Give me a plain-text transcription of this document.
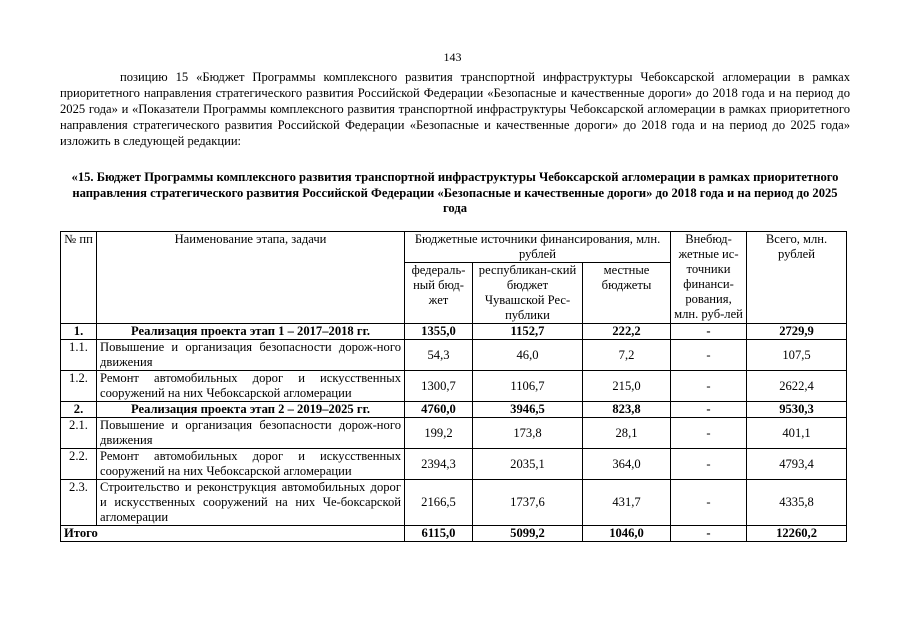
143
позицию 15 «Бюджет Программы комплексного развития транспортной инфраструктуры Чебоксарской агломерации в рамках приоритетного направления стратегического развития Российской Федерации «Безопасные и качественные дороги» до 2018 года и на период до 2025 года» и «Показатели Программы комплексного развития транспортной инфраструктуры Чебоксарской агломерации в рамках приоритетного направления стратегического развития Российской Федерации «Безопасные и качественные дороги» до 2018 года и на период до 2025 года» изложить в следующей редакции:
«15. Бюджет Программы комплексного развития транспортной инфраструктуры Чебоксарской агломерации в рамках приоритетного направления стратегического развития Российской Федерации «Безопасные и качественные дороги» до 2018 года и на период до 2025 года
№ пп	Наименование этапа, задачи	Бюджетные источники финансирования, млн. рублей			Внебюд-жетные ис-точники финанси-рования, млн. руб-лей	Всего, млн. рублей
		федераль-ный бюд-жет	республикан-ский бюджет Чувашской Рес-публики	местные бюджеты		
1.	Реализация проекта этап 1 – 2017–2018 гг.	1355,0	1152,7	222,2	-	2729,9
1.1.	Повышение и организация безопасности дорож-ного движения	54,3	46,0	7,2	-	107,5
1.2.	Ремонт автомобильных дорог и искусственных сооружений на них Чебоксарской агломерации	1300,7	1106,7	215,0	-	2622,4
2.	Реализация проекта этап 2 – 2019–2025 гг.	4760,0	3946,5	823,8	-	9530,3
2.1.	Повышение и организация безопасности дорож-ного движения	199,2	173,8	28,1	-	401,1
2.2.	Ремонт автомобильных дорог и искусственных сооружений на них Чебоксарской агломерации	2394,3	2035,1	364,0	-	4793,4
2.3.	Строительство и реконструкция автомобильных дорог и искусственных сооружений на них Че-боксарской агломерации	2166,5	1737,6	431,7	-	4335,8
Итого		6115,0	5099,2	1046,0	-	12260,2
